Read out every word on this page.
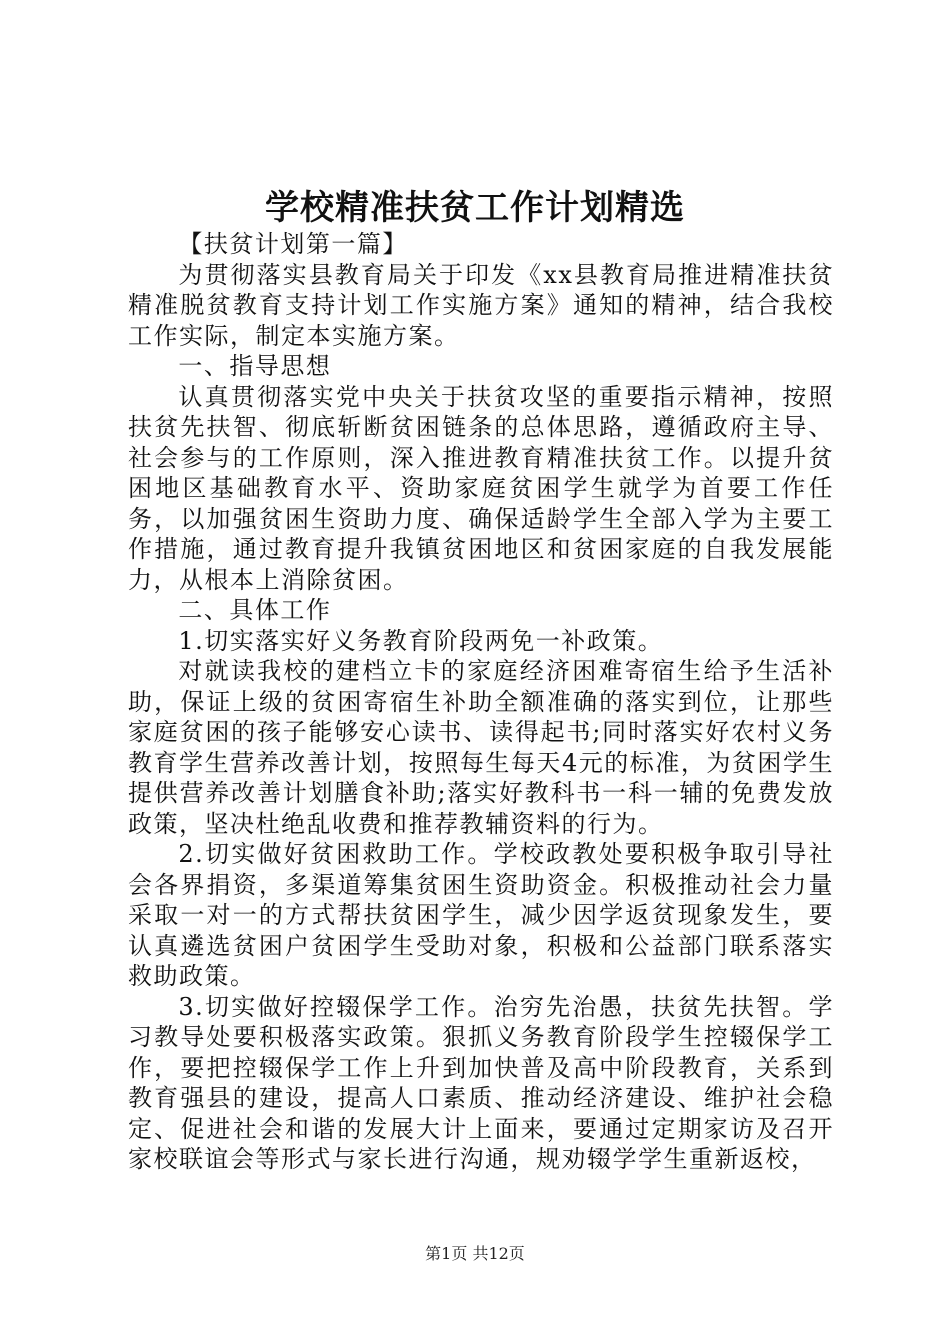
学校精准扶贫工作计划精选

【扶贫计划第一篇】

为贯彻落实县教育局关于印发《xx县教育局推进精准扶贫精准脱贫教育支持计划工作实施方案》通知的精神，结合我校工作实际，制定本实施方案。

一、指导思想

认真贯彻落实党中央关于扶贫攻坚的重要指示精神，按照扶贫先扶智、彻底斩断贫困链条的总体思路，遵循政府主导、社会参与的工作原则，深入推进教育精准扶贫工作。以提升贫困地区基础教育水平、资助家庭贫困学生就学为首要工作任务，以加强贫困生资助力度、确保适龄学生全部入学为主要工作措施，通过教育提升我镇贫困地区和贫困家庭的自我发展能力，从根本上消除贫困。

二、具体工作

1.切实落实好义务教育阶段两免一补政策。

对就读我校的建档立卡的家庭经济困难寄宿生给予生活补助，保证上级的贫困寄宿生补助全额准确的落实到位，让那些家庭贫困的孩子能够安心读书、读得起书;同时落实好农村义务教育学生营养改善计划，按照每生每天4元的标准，为贫困学生提供营养改善计划膳食补助;落实好教科书一科一辅的免费发放政策，坚决杜绝乱收费和推荐教辅资料的行为。

2.切实做好贫困救助工作。学校政教处要积极争取引导社会各界捐资，多渠道筹集贫困生资助资金。积极推动社会力量采取一对一的方式帮扶贫困学生，减少因学返贫现象发生，要认真遴选贫困户贫困学生受助对象，积极和公益部门联系落实救助政策。

3.切实做好控辍保学工作。治穷先治愚，扶贫先扶智。学习教导处要积极落实政策。狠抓义务教育阶段学生控辍保学工作，要把控辍保学工作上升到加快普及高中阶段教育，关系到教育强县的建设，提高人口素质、推动经济建设、维护社会稳定、促进社会和谐的发展大计上面来，要通过定期家访及召开家校联谊会等形式与家长进行沟通，规劝辍学学生重新返校，

第1页 共12页
